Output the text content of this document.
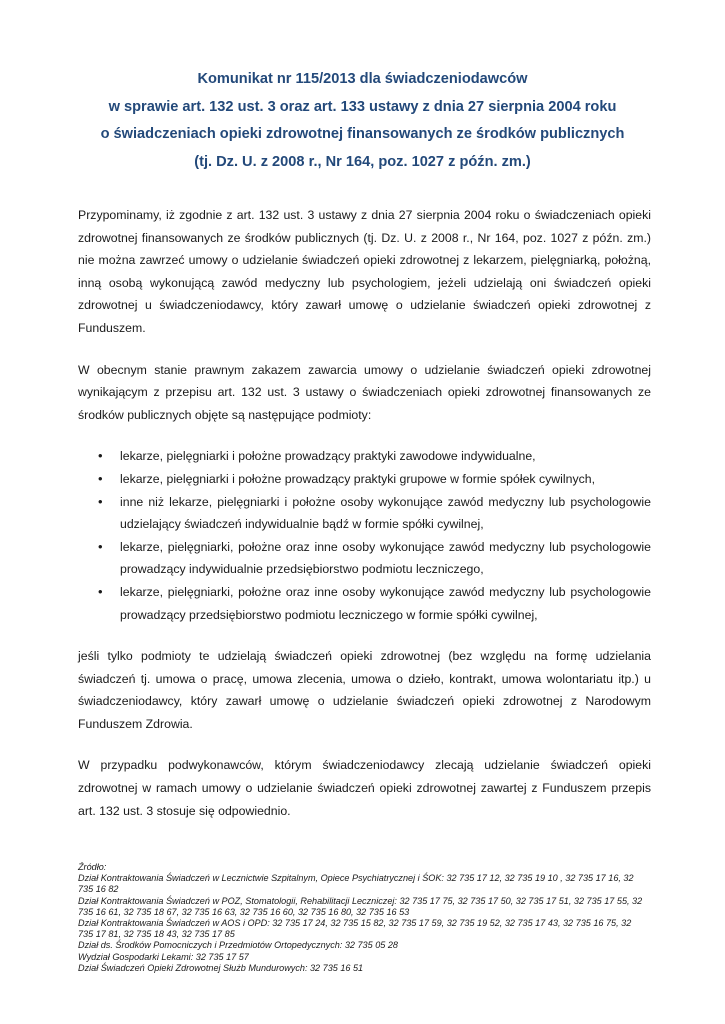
Komunikat nr 115/2013 dla świadczeniodawców
w sprawie art. 132 ust. 3 oraz art. 133 ustawy z dnia 27 sierpnia 2004 roku
o świadczeniach opieki zdrowotnej finansowanych ze środków publicznych
(tj. Dz. U. z 2008 r., Nr 164, poz. 1027 z późn. zm.)

Przypominamy, iż zgodnie z art. 132 ust. 3 ustawy z dnia 27 sierpnia 2004 roku o świadczeniach opieki zdrowotnej finansowanych ze środków publicznych (tj. Dz. U. z 2008 r., Nr 164, poz. 1027 z późn. zm.) nie można zawrzeć umowy o udzielanie świadczeń opieki zdrowotnej z lekarzem, pielęgniarką, położną, inną osobą wykonującą zawód medyczny lub psychologiem, jeżeli udzielają oni świadczeń opieki zdrowotnej u świadczeniodawcy, który zawarł umowę o udzielanie świadczeń opieki zdrowotnej z Funduszem.

W obecnym stanie prawnym zakazem zawarcia umowy o udzielanie świadczeń opieki zdrowotnej wynikającym z przepisu art. 132 ust. 3 ustawy o świadczeniach opieki zdrowotnej finansowanych ze środków publicznych objęte są następujące podmioty:

• lekarze, pielęgniarki i położne prowadzący praktyki zawodowe indywidualne,
• lekarze, pielęgniarki i położne prowadzący praktyki grupowe w formie spółek cywilnych,
• inne niż lekarze, pielęgniarki i położne osoby wykonujące zawód medyczny lub psychologowie udzielający świadczeń indywidualnie bądź w formie spółki cywilnej,
• lekarze, pielęgniarki, położne oraz inne osoby wykonujące zawód medyczny lub psychologowie prowadzący indywidualnie przedsiębiorstwo podmiotu leczniczego,
• lekarze, pielęgniarki, położne oraz inne osoby wykonujące zawód medyczny lub psychologowie prowadzący przedsiębiorstwo podmiotu leczniczego w formie spółki cywilnej,

jeśli tylko podmioty te udzielają świadczeń opieki zdrowotnej (bez względu na formę udzielania świadczeń tj. umowa o pracę, umowa zlecenia, umowa o dzieło, kontrakt, umowa wolontariatu itp.) u świadczeniodawcy, który zawarł umowę o udzielanie świadczeń opieki zdrowotnej z Narodowym Funduszem Zdrowia.

W przypadku podwykonawców, którym świadczeniodawcy zlecają udzielanie świadczeń opieki zdrowotnej w ramach umowy o udzielanie świadczeń opieki zdrowotnej zawartej z Funduszem przepis art. 132 ust. 3 stosuje się odpowiednio.

Źródło:
Dział Kontraktowania Świadczeń w Lecznictwie Szpitalnym, Opiece Psychiatrycznej i ŚOK: 32 735 17 12, 32 735 19 10 , 32 735 17 16, 32 735 16 82
Dział Kontraktowania Świadczeń w POZ, Stomatologii, Rehabilitacji Leczniczej: 32 735 17 75, 32 735 17 50, 32 735 17 51, 32 735 17 55, 32 735 16 61, 32 735 18 67, 32 735 16 63, 32 735 16 60, 32 735 16 80, 32 735 16 53
Dział Kontraktowania Świadczeń w AOS i OPD: 32 735 17 24, 32 735 15 82, 32 735 17 59, 32 735 19 52, 32 735 17 43, 32 735 16 75, 32 735 17 81, 32 735 18 43, 32 735 17 85
Dział ds. Środków Pomocniczych i Przedmiotów Ortopedycznych: 32 735 05 28
Wydział Gospodarki Lekami: 32 735 17 57
Dział Świadczeń Opieki Zdrowotnej Służb Mundurowych: 32 735 16 51
